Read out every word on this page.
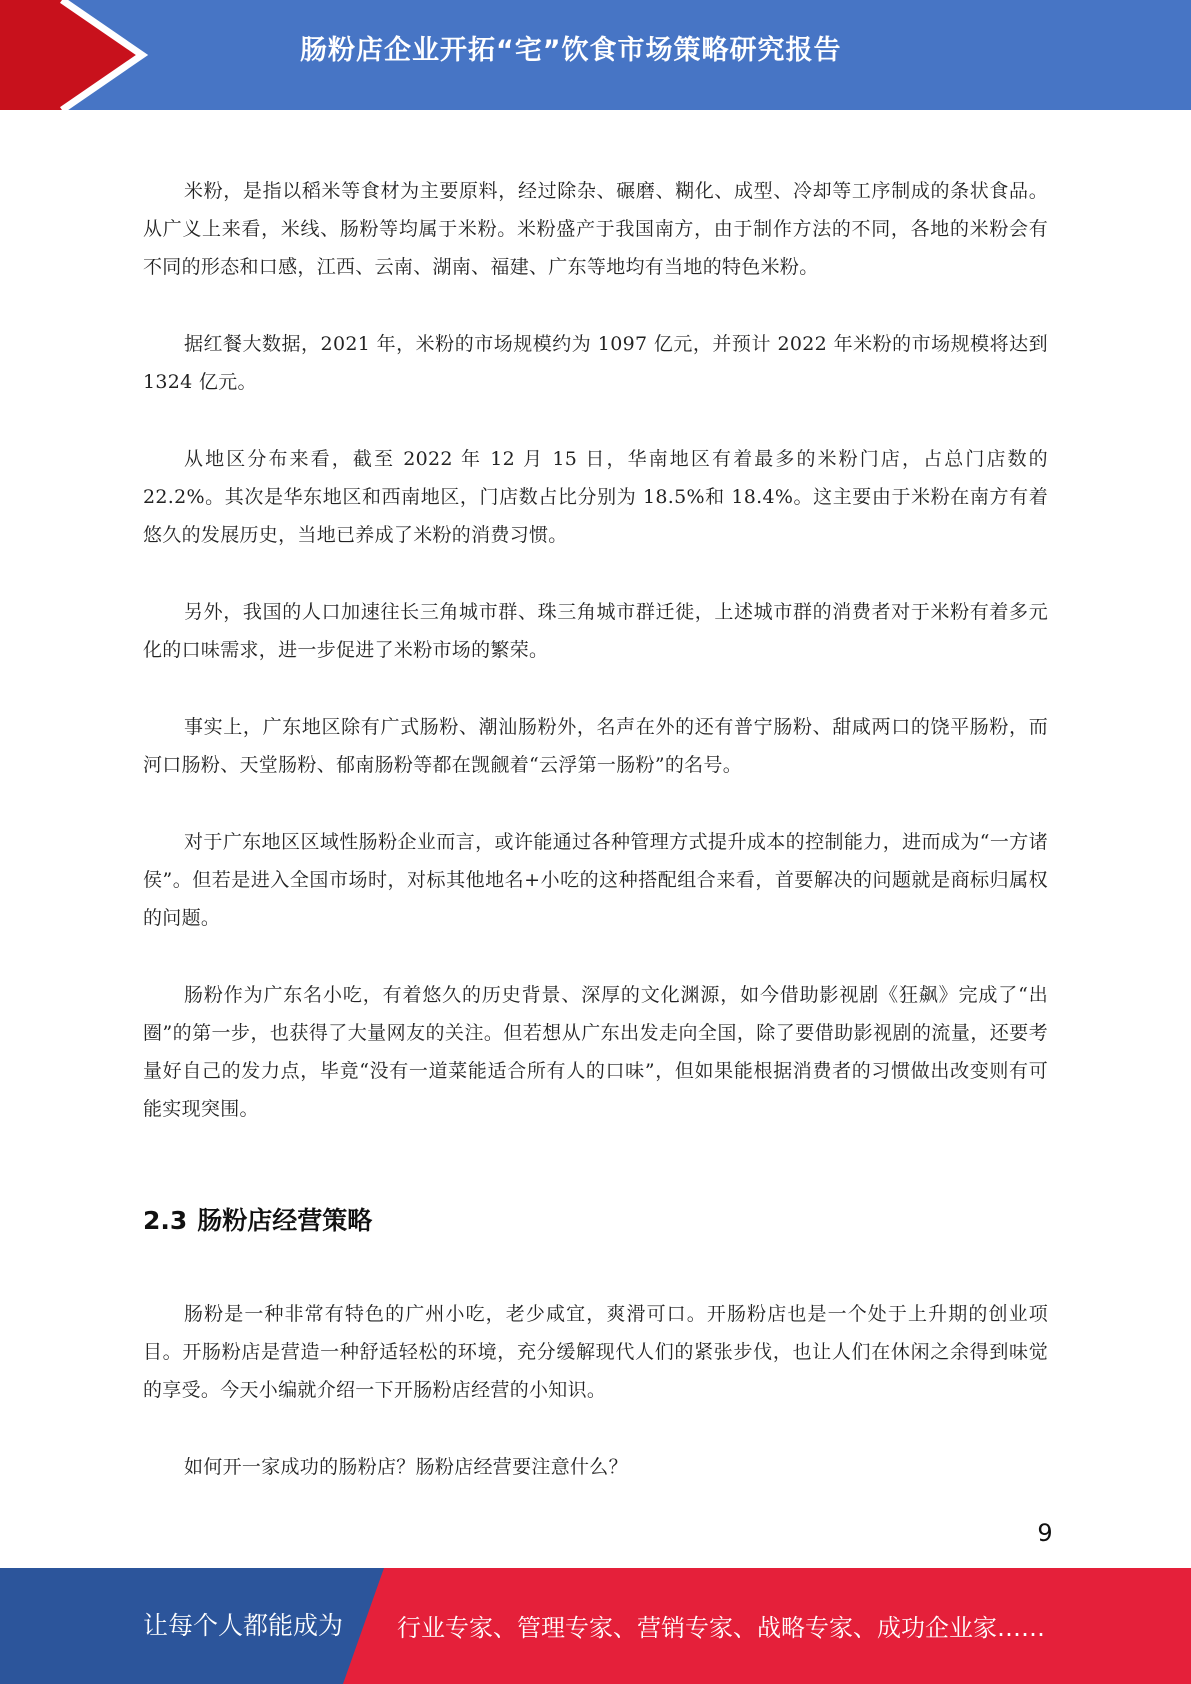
肠粉店企业开拓“宅”饮食市场策略研究报告

米粉，是指以稻米等食材为主要原料，经过除杂、碾磨、糊化、成型、冷却等工序制成的条状食品。从广义上来看，米线、肠粉等均属于米粉。米粉盛产于我国南方，由于制作方法的不同，各地的米粉会有不同的形态和口感，江西、云南、湖南、福建、广东等地均有当地的特色米粉。

据红餐大数据，2021 年，米粉的市场规模约为 1097 亿元，并预计 2022 年米粉的市场规模将达到 1324 亿元。

从地区分布来看，截至 2022 年 12 月 15 日，华南地区有着最多的米粉门店，占总门店数的 22.2%。其次是华东地区和西南地区，门店数占比分别为 18.5%和 18.4%。这主要由于米粉在南方有着悠久的发展历史，当地已养成了米粉的消费习惯。

另外，我国的人口加速往长三角城市群、珠三角城市群迁徙，上述城市群的消费者对于米粉有着多元化的口味需求，进一步促进了米粉市场的繁荣。

事实上，广东地区除有广式肠粉、潮汕肠粉外，名声在外的还有普宁肠粉、甜咸两口的饶平肠粉，而河口肠粉、天堂肠粉、郁南肠粉等都在觊觎着“云浮第一肠粉”的名号。

对于广东地区区域性肠粉企业而言，或许能通过各种管理方式提升成本的控制能力，进而成为“一方诸侯”。但若是进入全国市场时，对标其他地名+小吃的这种搭配组合来看，首要解决的问题就是商标归属权的问题。

肠粉作为广东名小吃，有着悠久的历史背景、深厚的文化渊源，如今借助影视剧《狂飙》完成了“出圈”的第一步，也获得了大量网友的关注。但若想从广东出发走向全国，除了要借助影视剧的流量，还要考量好自己的发力点，毕竟“没有一道菜能适合所有人的口味”，但如果能根据消费者的习惯做出改变则有可能实现突围。

2.3 肠粉店经营策略

肠粉是一种非常有特色的广州小吃，老少咸宜，爽滑可口。开肠粉店也是一个处于上升期的创业项目。开肠粉店是营造一种舒适轻松的环境，充分缓解现代人们的紧张步伐，也让人们在休闲之余得到味觉的享受。今天小编就介绍一下开肠粉店经营的小知识。

如何开一家成功的肠粉店？肠粉店经营要注意什么？

9
让每个人都能成为 行业专家、管理专家、营销专家、战略专家、成功企业家……
